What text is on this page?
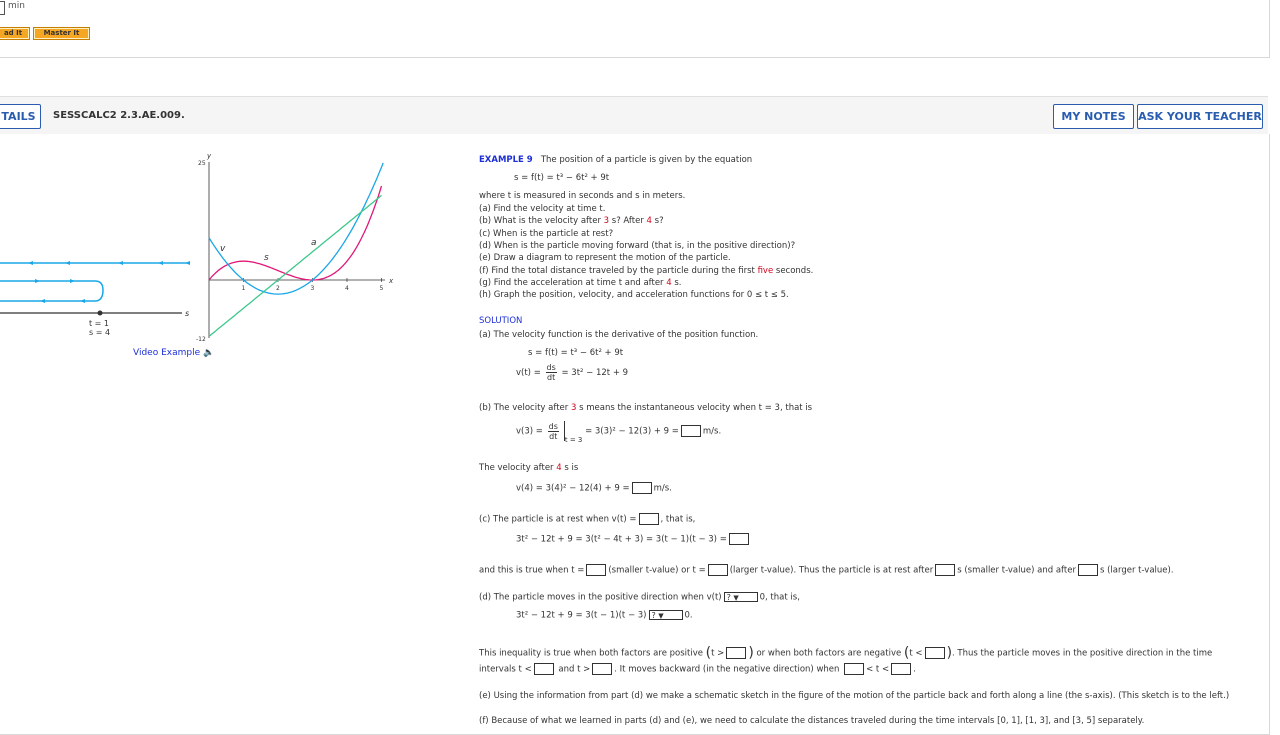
min
ad It	Master It
TAILS	SESSCALC2 2.3.AE.009.	MY NOTES	ASK YOUR TEACHER
s
t = 1
s = 4
y
x
25
-12
1	2	3	4	5
v
s
a
Video Example 🔈
EXAMPLE 9 The position of a particle is given by the equation
s = f(t) = t³ − 6t² + 9t
where t is measured in seconds and s in meters.
(a) Find the velocity at time t.
(b) What is the velocity after 3 s? After 4 s?
(c) When is the particle at rest?
(d) When is the particle moving forward (that is, in the positive direction)?
(e) Draw a diagram to represent the motion of the particle.
(f) Find the total distance traveled by the particle during the first five seconds.
(g) Find the acceleration at time t and after 4 s.
(h) Graph the position, velocity, and acceleration functions for 0 ≤ t ≤ 5.
SOLUTION
(a) The velocity function is the derivative of the position function.
s = f(t) = t³ − 6t² + 9t
$v(t) = \frac{ds}{dt} = 3t^2 - 12t + 9$
(b) The velocity after 3 s means the instantaneous velocity when t = 3, that is
$v(3) = \frac{ds}{dt} _{t = 3} = 3(3)^2 - 12(3) + 9$ =	m/s.
The velocity after 4 s is
v(4) = 3(4)² − 12(4) + 9 =	m/s.
(c) The particle is at rest when v(t) =	, that is,
3t² − 12t + 9 = 3(t² − 4t + 3) = 3(t − 1)(t − 3) =
and this is true when t =	(smaller t-value) or t =	(larger t-value). Thus the particle is at rest after	s (smaller t-value) and after	s (larger t-value).
(d) The particle moves in the positive direction when v(t) ? ▼ 0, that is,
3t² − 12t + 9 = 3(t − 1)(t − 3) ? ▼ 0.
This inequality is true when both factors are positive (t > ) or when both factors are negative (t < ). Thus the particle moves in the positive direction in the time
intervals t <	and t >	. It moves backward (in the negative direction) when	< t <	.
(e) Using the information from part (d) we make a schematic sketch in the figure of the motion of the particle back and forth along a line (the s-axis). (This sketch is to the left.)
(f) Because of what we learned in parts (d) and (e), we need to calculate the distances traveled during the time intervals [0, 1], [1, 3], and [3, 5] separately.
